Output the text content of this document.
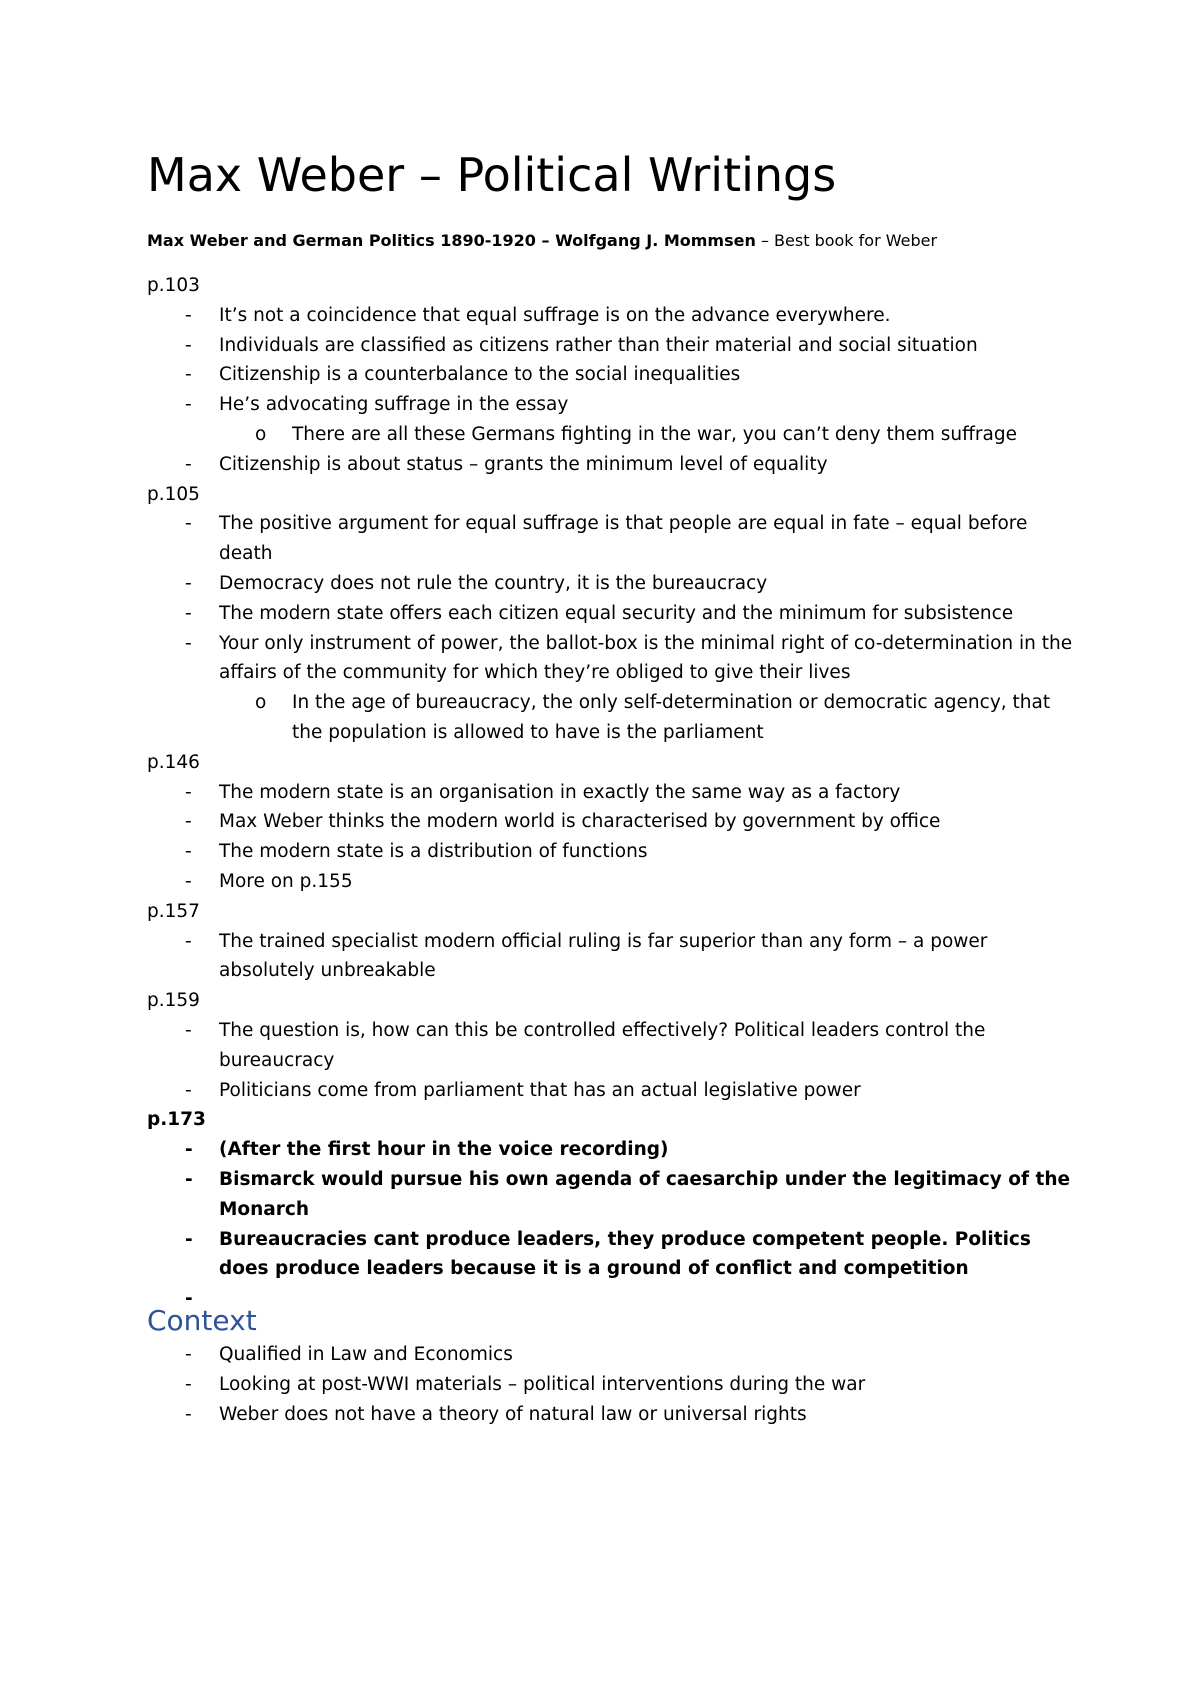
Max Weber – Political Writings

Max Weber and German Politics 1890-1920 – Wolfgang J. Mommsen – Best book for Weber

p.103

- It’s not a coincidence that equal suffrage is on the advance everywhere.
- Individuals are classified as citizens rather than their material and social situation
- Citizenship is a counterbalance to the social inequalities
- He’s advocating suffrage in the essay
o There are all these Germans fighting in the war, you can’t deny them suffrage
- Citizenship is about status – grants the minimum level of equality

p.105

- The positive argument for equal suffrage is that people are equal in fate – equal before death
- Democracy does not rule the country, it is the bureaucracy
- The modern state offers each citizen equal security and the minimum for subsistence
- Your only instrument of power, the ballot-box is the minimal right of co-determination in the affairs of the community for which they’re obliged to give their lives
o In the age of bureaucracy, the only self-determination or democratic agency, that the population is allowed to have is the parliament

p.146

- The modern state is an organisation in exactly the same way as a factory
- Max Weber thinks the modern world is characterised by government by office
- The modern state is a distribution of functions
- More on p.155

p.157

- The trained specialist modern official ruling is far superior than any form – a power absolutely unbreakable

p.159

- The question is, how can this be controlled effectively? Political leaders control the bureaucracy
- Politicians come from parliament that has an actual legislative power

p.173

- (After the first hour in the voice recording)
- Bismarck would pursue his own agenda of caesarchip under the legitimacy of the Monarch
- Bureaucracies cant produce leaders, they produce competent people. Politics does produce leaders because it is a ground of conflict and competition
-
Context
- Qualified in Law and Economics
- Looking at post-WWI materials – political interventions during the war
- Weber does not have a theory of natural law or universal rights
